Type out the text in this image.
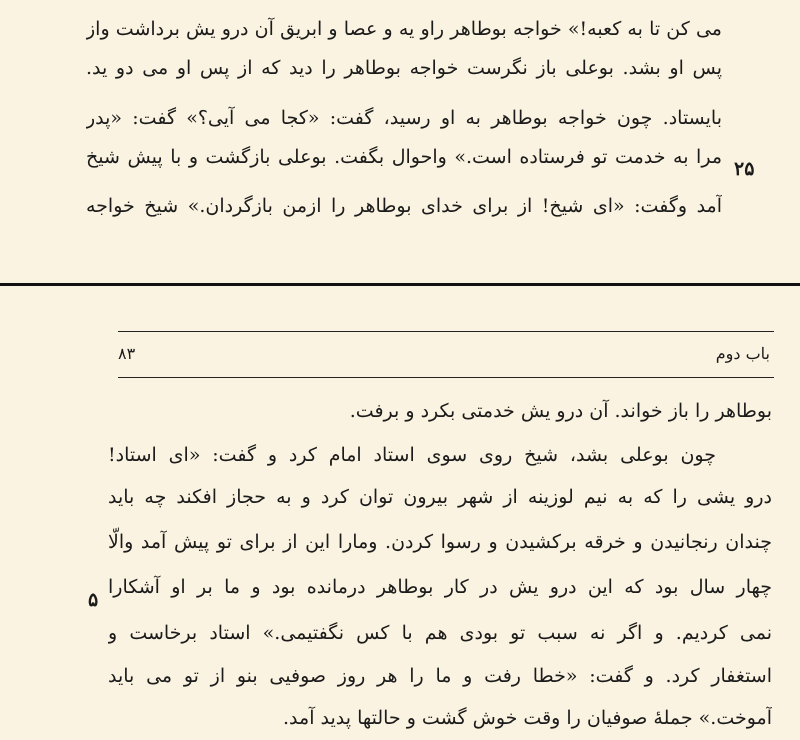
می کن تا به کعبه!» خواجه بوطاهر راو یه و عصا و ابریق آن درو یش برداشت واز
پس او بشد. بوعلی باز نگرست خواجه بوطاهر را دید که از پس او می دو ید.
بایستاد. چون خواجه بوطاهر به او رسید، گفت: «کجا می آیی؟» گفت: «پدر
مرا به خدمت تو فرستاده است.» واحوال بگفت. بوعلی بازگشت و با پیش شیخ
آمد وگفت: «ای شیخ! از برای خدای بوطاهر را ازمن بازگردان.» شیخ خواجه
۲۵
باب دوم
۸۳
بوطاهر را باز خواند. آن درو یش خدمتی بکرد و برفت.
چون بوعلی بشد، شیخ روی سوی استاد امام کرد و گفت: «ای استاد!
درو یشی را که به نیم لوزینه از شهر بیرون توان کرد و به حجاز افکند چه باید
چندان رنجانیدن و خرقه برکشیدن و رسوا کردن. ومارا این از برای تو پیش آمد والّا
چهار سال بود که این درو یش در کار بوطاهر درمانده بود و ما بر او آشکارا
نمی کردیم. و اگر نه سبب تو بودی هم با کس نگفتیمی.» استاد برخاست و
استغفار کرد. و گفت: «خطا رفت و ما را هر روز صوفیی بنو از تو می باید
آموخت.» جملهٔ صوفیان را وقت خوش گشت و حالتها پدید آمد.
۵
